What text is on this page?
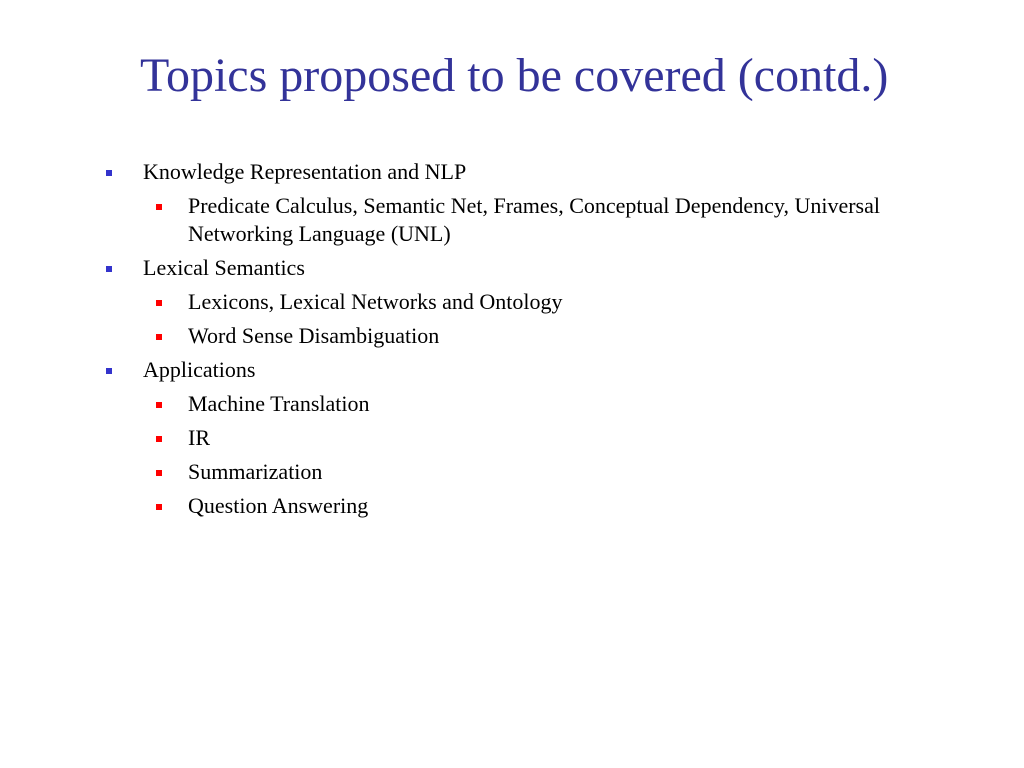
Topics proposed to be covered (contd.)
Knowledge Representation and NLP
Predicate Calculus, Semantic Net, Frames, Conceptual Dependency, Universal Networking Language (UNL)
Lexical Semantics
Lexicons, Lexical Networks and Ontology
Word Sense Disambiguation
Applications
Machine Translation
IR
Summarization
Question Answering
